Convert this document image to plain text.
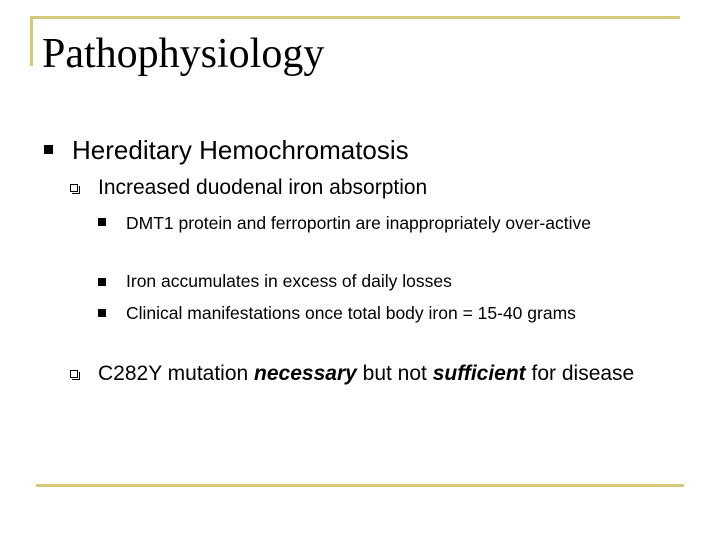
Pathophysiology
Hereditary Hemochromatosis
Increased duodenal iron absorption
DMT1 protein and ferroportin are inappropriately over-active
Iron accumulates in excess of daily losses
Clinical manifestations once total body iron = 15-40 grams
C282Y mutation necessary but not sufficient for disease
